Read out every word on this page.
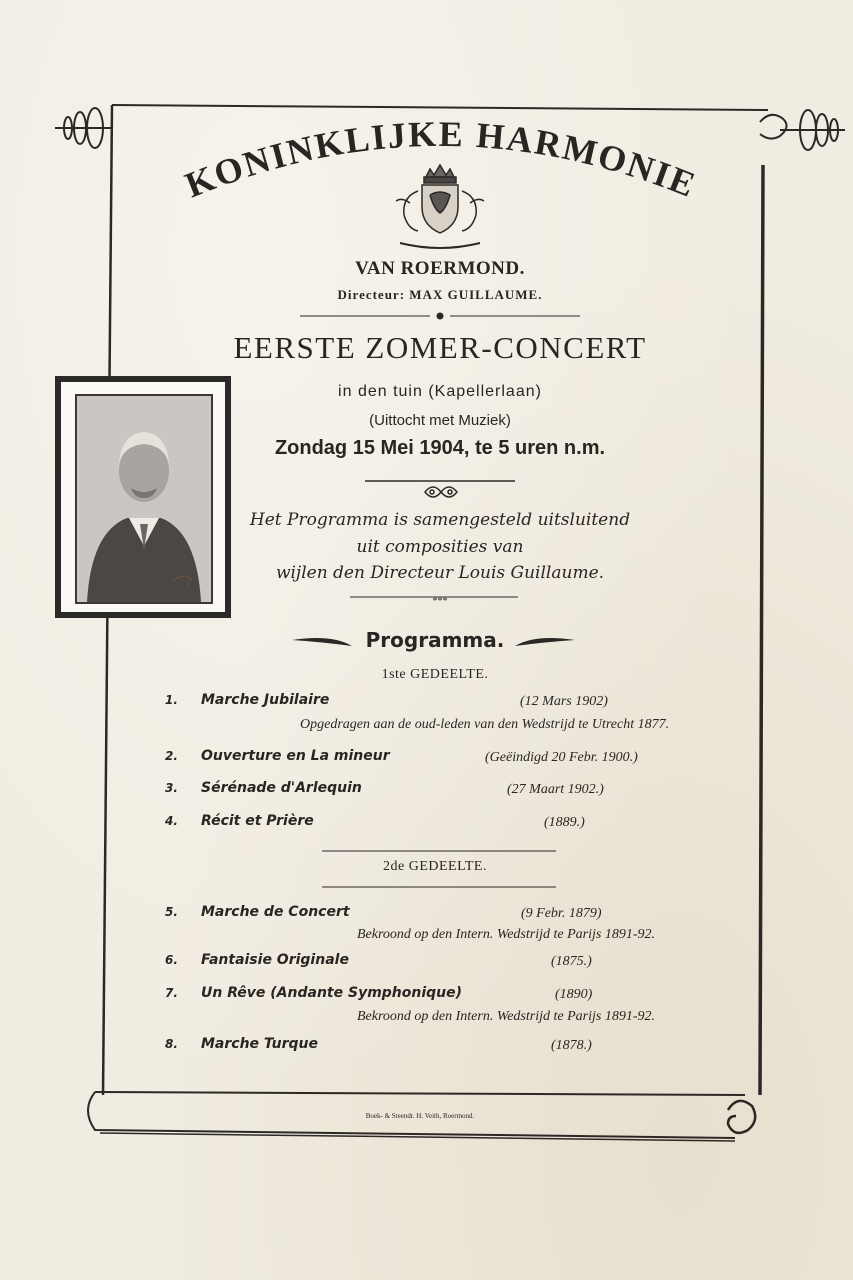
KONINKLIJKE HARMONIE
VAN ROERMOND.
Directeur: MAX GUILLAUME.
EERSTE ZOMER-CONCERT
in den tuin (Kapellerlaan)
(Uittocht met Muziek)
Zondag 15 Mei 1904, te 5 uren n.m.
Het Programma is samengesteld uitsluitend
uit composities van
wijlen den Directeur Louis Guillaume.
***
Programma.
1ste GEDEELTE.
2de GEDEELTE.
1. Marche Jubilaire	(12 Mars 1902)
Opgedragen aan de oud-leden van den Wedstrijd te Utrecht 1877.
2. Ouverture en La mineur	(Geëindigd 20 Febr. 1900.)
3. Sérénade d'Arlequin	(27 Maart 1902.)
4. Récit et Prière	(1889.)
5. Marche de Concert	(9 Febr. 1879)
Bekroond op den Intern. Wedstrijd te Parijs 1891-92.
6. Fantaisie Originale	(1875.)
7. Un Rêve (Andante Symphonique)	(1890)
Bekroond op den Intern. Wedstrijd te Parijs 1891-92.
8. Marche Turque	(1878.)
Boek- & Steendr. H. Veith, Roermond.
